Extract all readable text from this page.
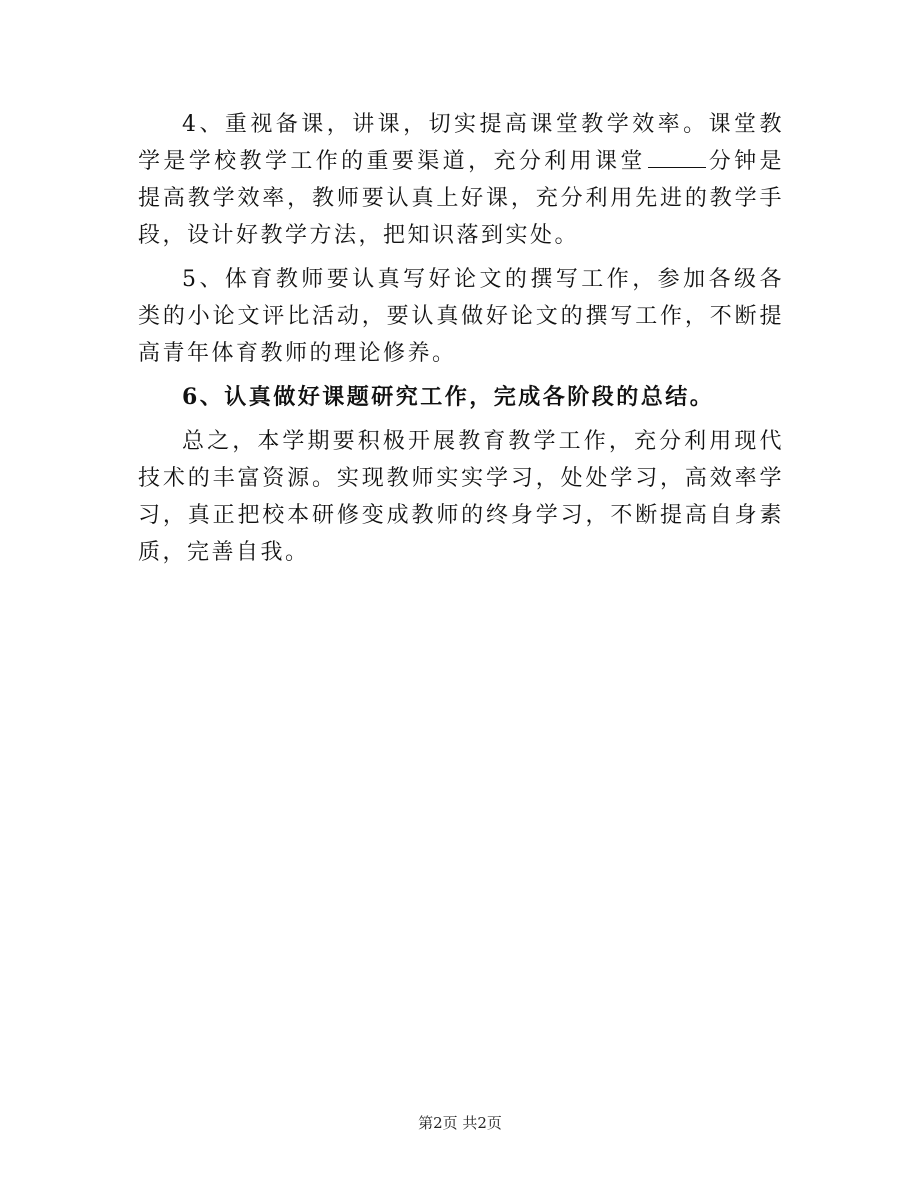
4、重视备课，讲课，切实提高课堂教学效率。课堂教学是学校教学工作的重要渠道，充分利用课堂	分钟是提高教学效率，教师要认真上好课，充分利用先进的教学手段，设计好教学方法，把知识落到实处。

5、体育教师要认真写好论文的撰写工作，参加各级各类的小论文评比活动，要认真做好论文的撰写工作，不断提高青年体育教师的理论修养。

6、认真做好课题研究工作，完成各阶段的总结。

总之，本学期要积极开展教育教学工作，充分利用现代技术的丰富资源。实现教师实实学习，处处学习，高效率学习，真正把校本研修变成教师的终身学习，不断提高自身素质，完善自我。

第2页 共2页
